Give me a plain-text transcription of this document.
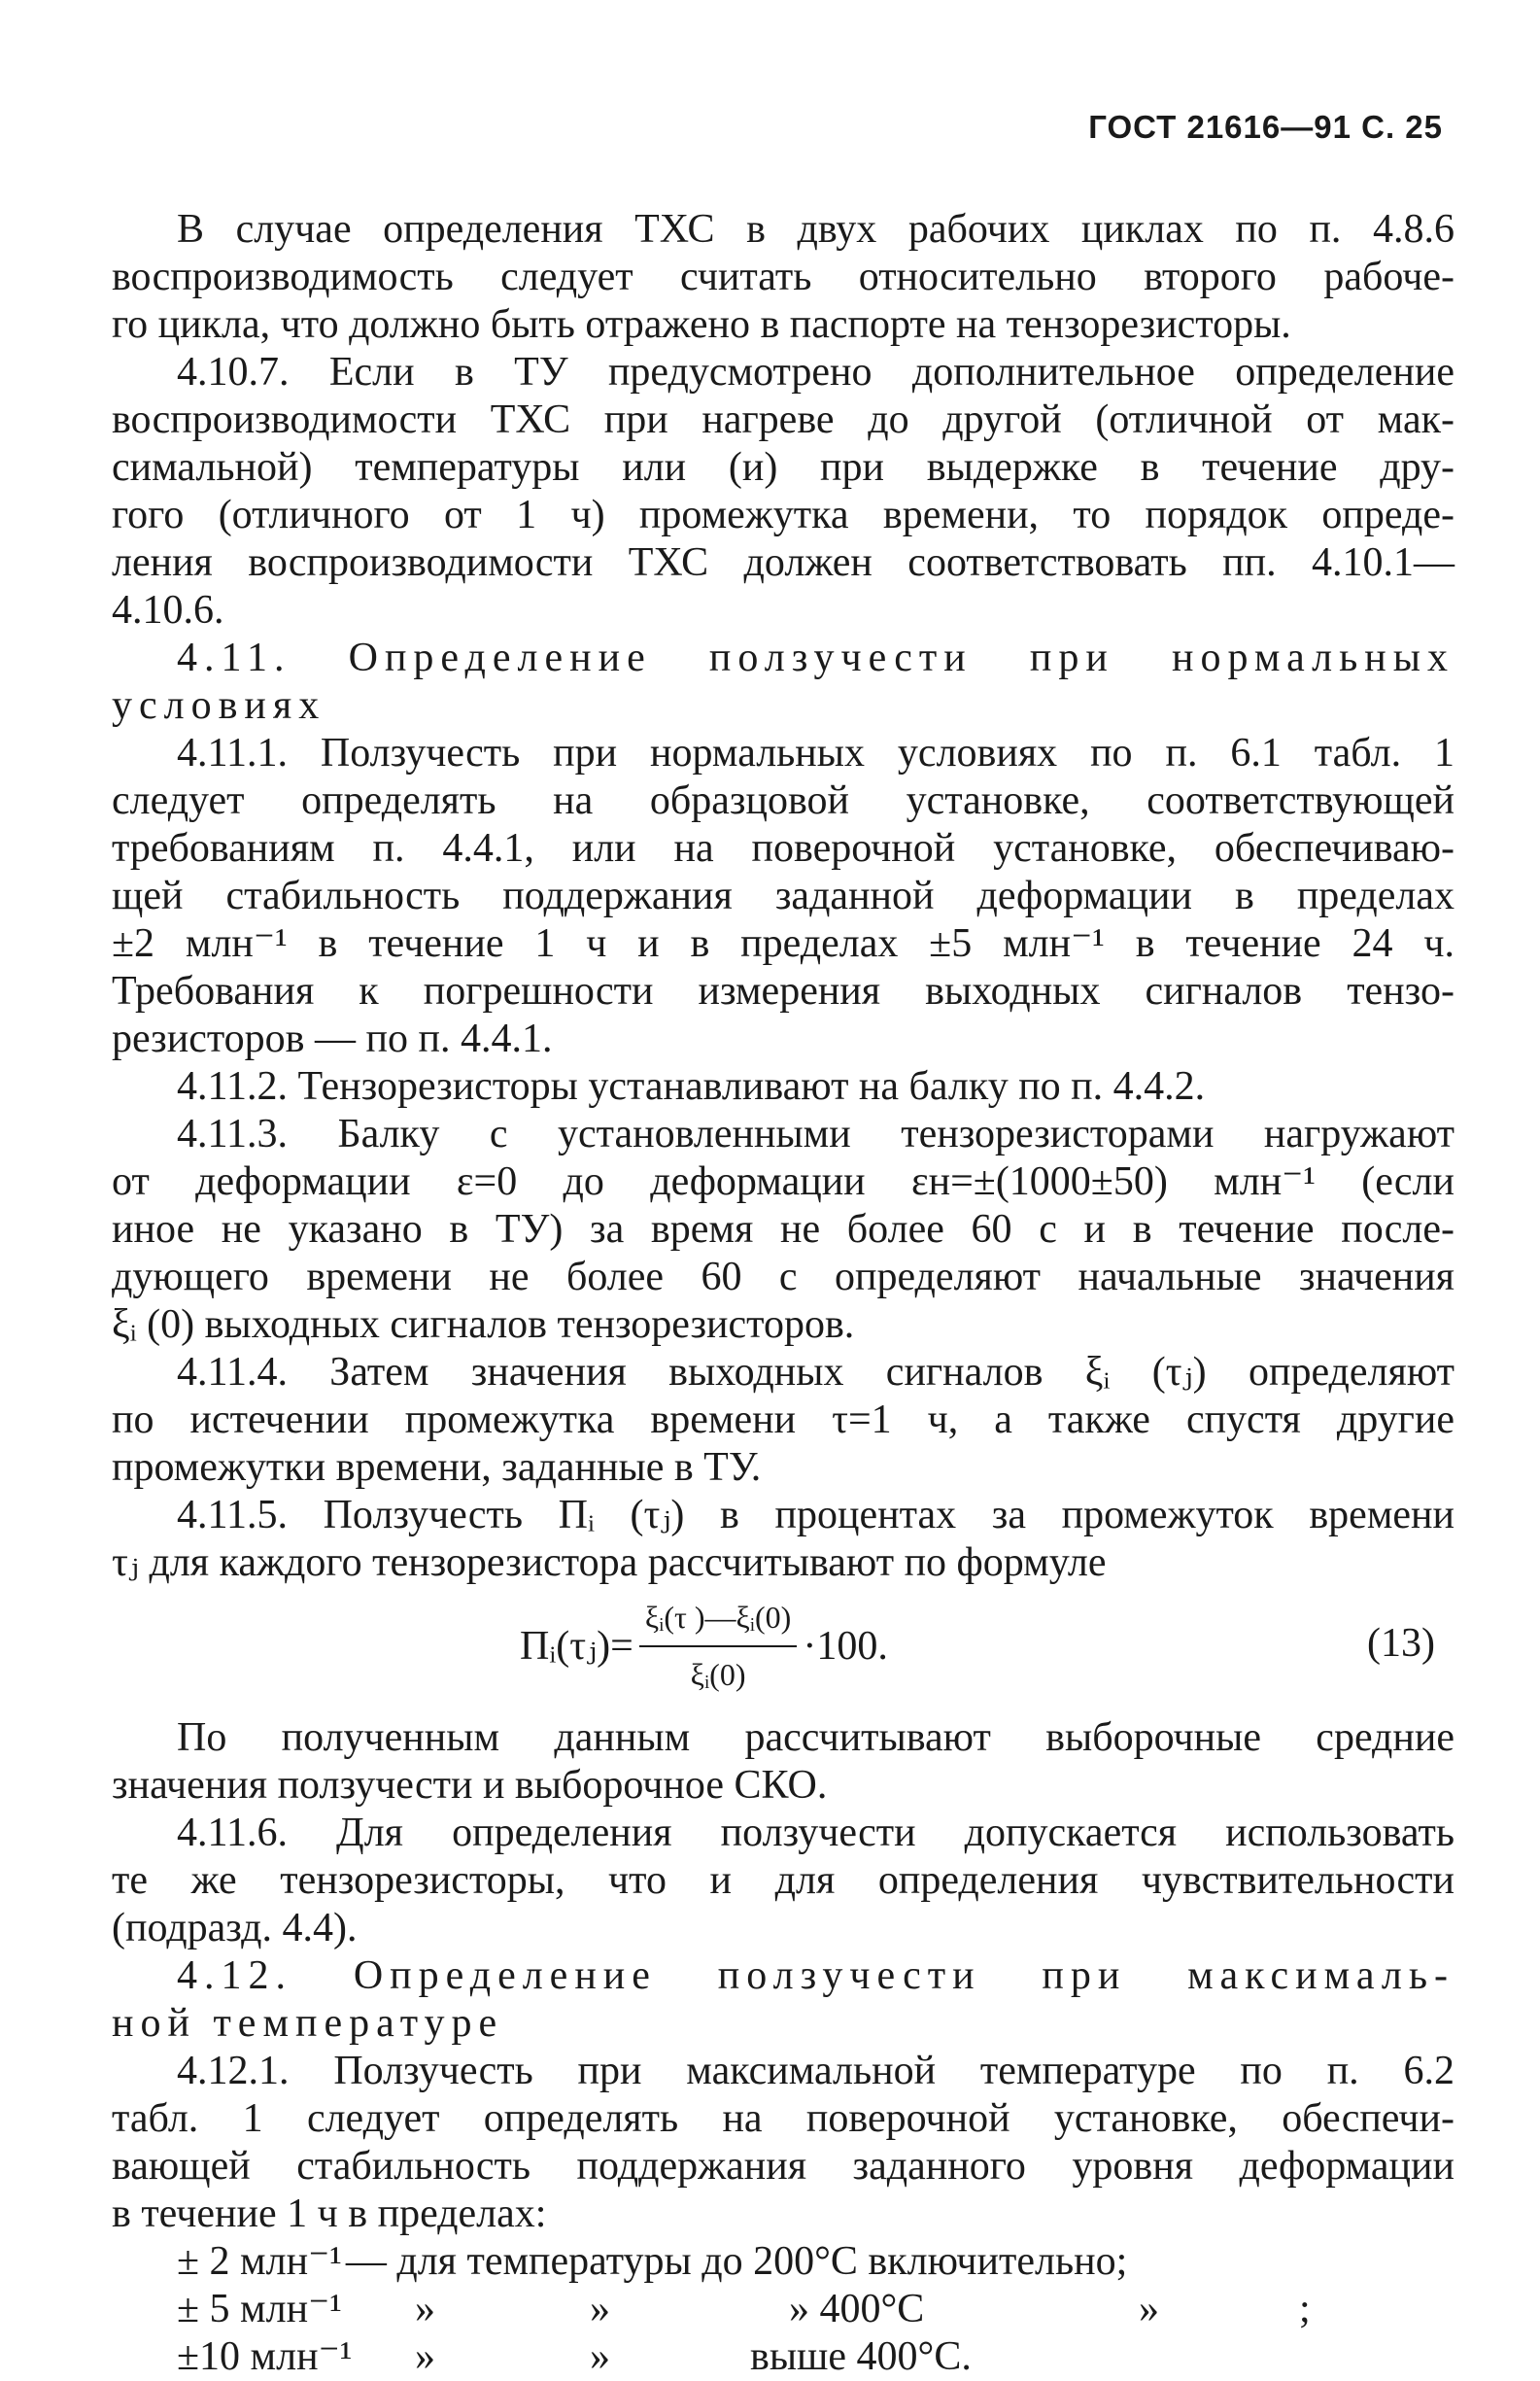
ГОСТ 21616—91 С. 25
В случае определения ТХС в двух рабочих циклах по п. 4.8.6
воспроизводимость следует считать относительно второго рабоче-
го цикла, что должно быть отражено в паспорте на тензорезисторы.
4.10.7. Если в ТУ предусмотрено дополнительное определение
воспроизводимости ТХС при нагреве до другой (отличной от мак-
симальной) температуры или (и) при выдержке в течение дру-
гого (отличного от 1 ч) промежутка времени, то порядок опреде-
ления воспроизводимости ТХС должен соответствовать пп. 4.10.1—
4.10.6.
4.11. Определение ползучести при нормальных
условиях
4.11.1. Ползучесть при нормальных условиях по п. 6.1 табл. 1
следует определять на образцовой установке, соответствующей
требованиям п. 4.4.1, или на поверочной установке, обеспечиваю-
щей стабильность поддержания заданной деформации в пределах
±2 млн⁻¹ в течение 1 ч и в пределах ±5 млн⁻¹ в течение 24 ч.
Требования к погрешности измерения выходных сигналов тензо-
резисторов — по п. 4.4.1.
4.11.2. Тензорезисторы устанавливают на балку по п. 4.4.2.
4.11.3. Балку с установленными тензорезисторами нагружают
от деформации ε=0 до деформации εн=±(1000±50) млн⁻¹ (если
иное не указано в ТУ) за время не более 60 с и в течение после-
дующего времени не более 60 с определяют начальные значения
ξᵢ (0) выходных сигналов тензорезисторов.
4.11.4. Затем значения выходных сигналов ξᵢ (τⱼ) определяют
по истечении промежутка времени τ=1 ч, а также спустя другие
промежутки времени, заданные в ТУ.
4.11.5. Ползучесть Пᵢ (τⱼ) в процентах за промежуток времени
τⱼ для каждого тензорезистора рассчитывают по формуле
Пᵢ(τⱼ)= $\frac{\text{ξᵢ(τ )—ξᵢ(0)}}{\text{ξᵢ(0)}} \cdot 100$.	(13)
По полученным данным рассчитывают выборочные средние
значения ползучести и выборочное СКО.
4.11.6. Для определения ползучести допускается использовать
те же тензорезисторы, что и для определения чувствительности
(подразд. 4.4).
4.12. Определение ползучести при максималь-
ной температуре
4.12.1. Ползучесть при максимальной температуре по п. 6.2
табл. 1 следует определять на поверочной установке, обеспечи-
вающей стабильность поддержания заданного уровня деформации
в течение 1 ч в пределах:
± 2 млн⁻¹— для температуры до 200°С включительно;
± 5 млн⁻¹ »	»	» 400°С	»	;
±10 млн⁻¹ »	»	выше 400°С.
